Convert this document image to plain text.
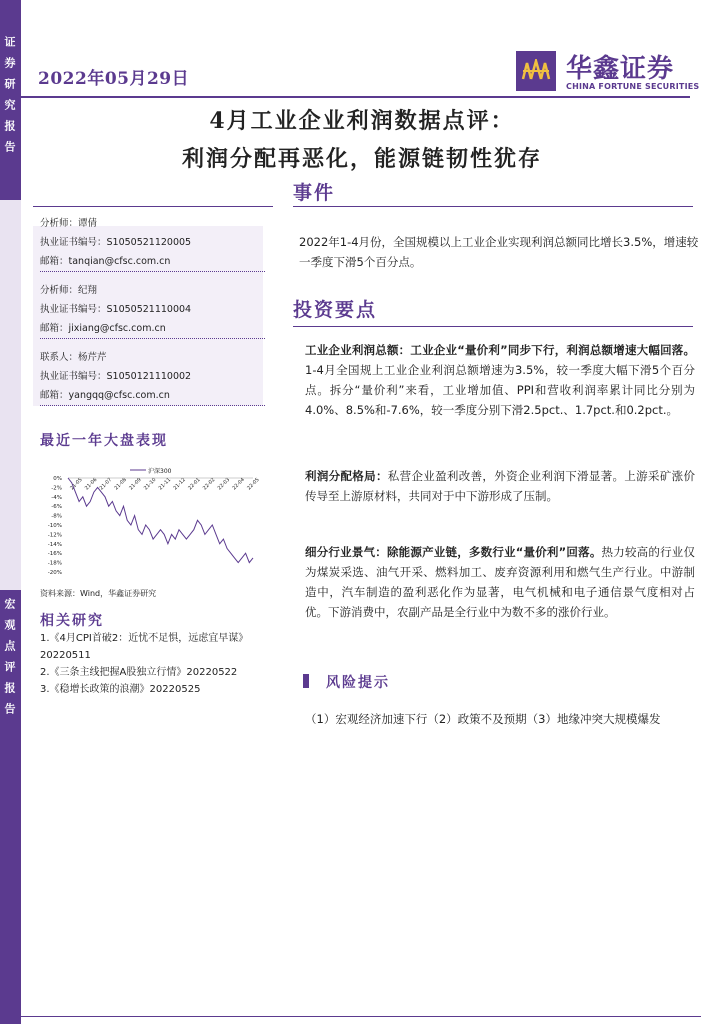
证券研究报告
宏观点评报告
2022年05月29日	华鑫证券
CHINA FORTUNE SECURITIES
4月工业企业利润数据点评：
利润分配再恶化，能源链韧性犹存
事件
分析师：谭倩
执业证书编号：S1050521120005
邮箱：tanqian@cfsc.com.cn
分析师：纪翔
执业证书编号：S1050521110004
邮箱：jixiang@cfsc.com.cn
联系人：杨芹芹
执业证书编号：S1050121110002
邮箱：yangqq@cfsc.com.cn
最近一年大盘表现
沪深300
0%
-2%
-4%
-6%
-8%
-10%
-12%
-14%
-16%
-18%
-20%
21-05 21-06 21-07 21-08 21-09 21-10 21-11 21-12 22-01 22-02 22-03 22-04 22-05
资料来源：Wind，华鑫证券研究
相关研究
1.《4月CPI首破2：近忧不足惧，远虑宜早谋》20220511
2.《三条主线把握A股独立行情》20220522
3.《稳增长政策的浪潮》20220525
2022年1-4月份，全国规模以上工业企业实现利润总额同比增长3.5%，增速较一季度下滑5个百分点。
投资要点
工业企业利润总额：工业企业“量价利”同步下行，利润总额增速大幅回落。1-4月全国规上工业企业利润总额增速为3.5%，较一季度大幅下滑5个百分点。拆分“量价利”来看，工业增加值、PPI和营收利润率累计同比分别为4.0%、8.5%和-7.6%，较一季度分别下滑2.5pct.、1.7pct.和0.2pct.。
利润分配格局：私营企业盈利改善，外资企业利润下滑显著。上游采矿涨价传导至上游原材料，共同对于中下游形成了压制。
细分行业景气：除能源产业链，多数行业“量价利”回落。热力较高的行业仅为煤炭采选、油气开采、燃料加工、废弃资源利用和燃气生产行业。中游制造中，汽车制造的盈利恶化作为显著，电气机械和电子通信景气度相对占优。下游消费中，农副产品是全行业中为数不多的涨价行业。
风险提示
（1）宏观经济加速下行（2）政策不及预期（3）地缘冲突大规模爆发
